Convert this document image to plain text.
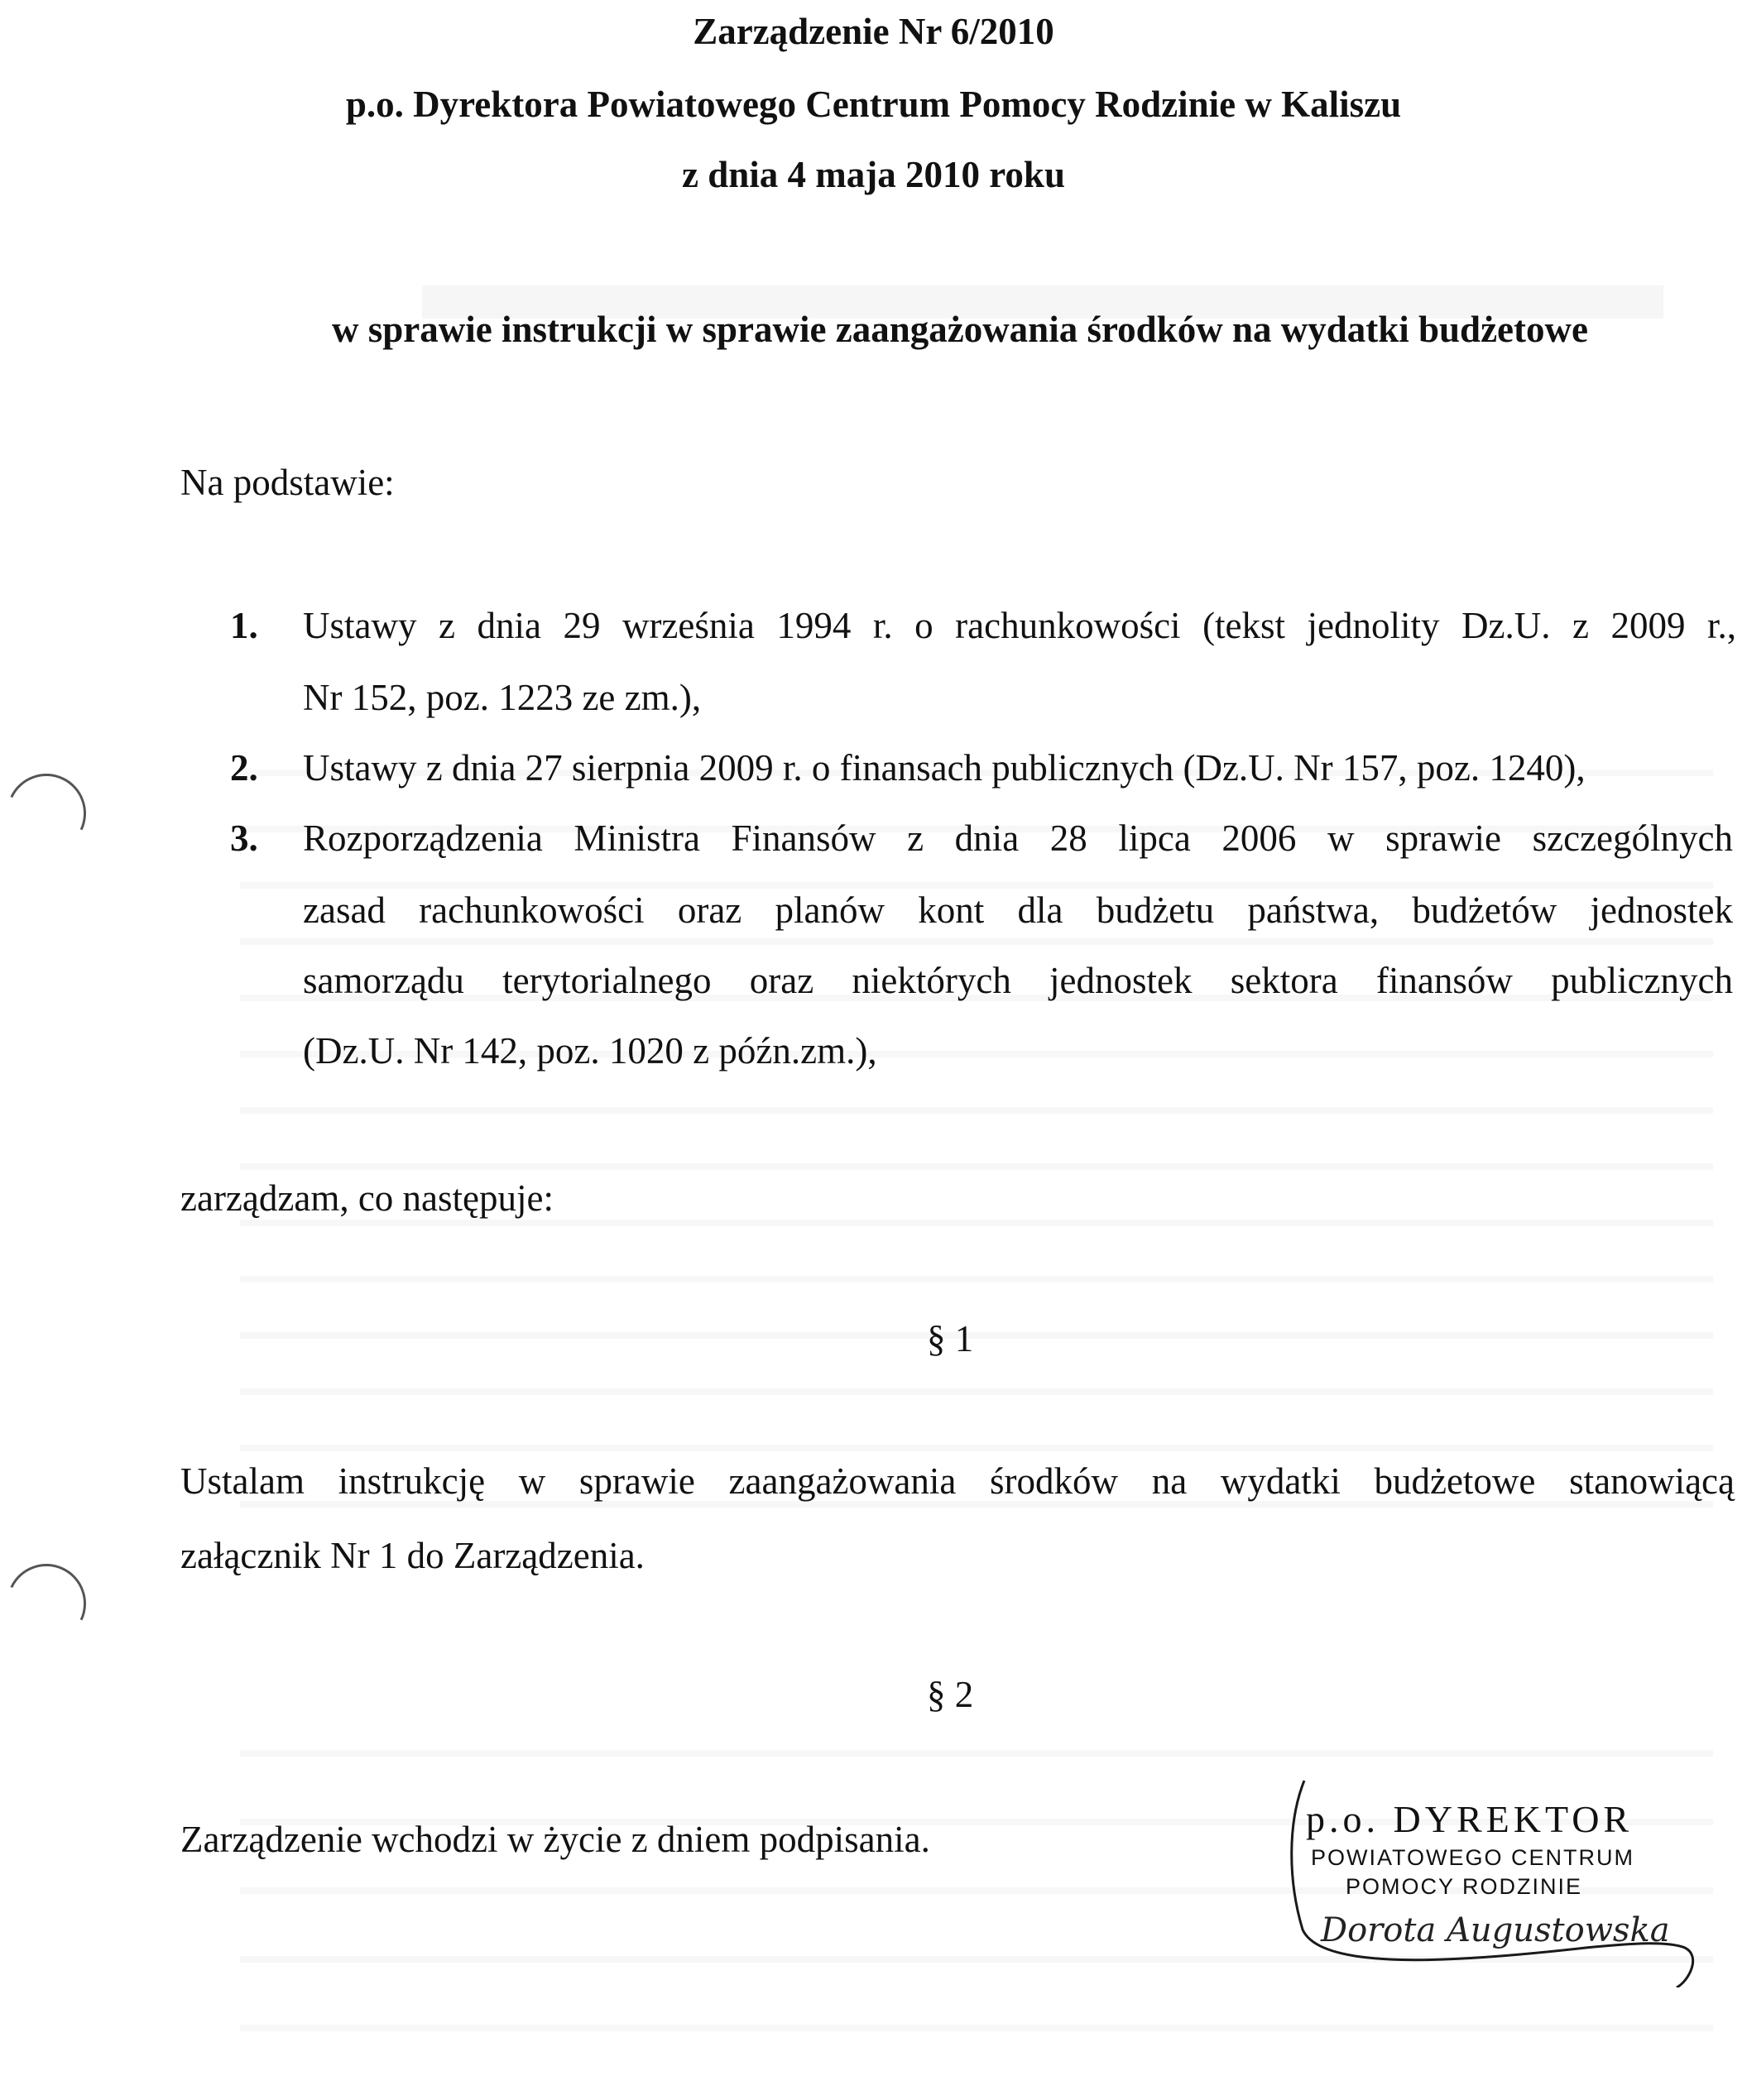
Zarządzenie Nr 6/2010
p.o. Dyrektora Powiatowego Centrum Pomocy Rodzinie w Kaliszu
z dnia 4 maja 2010 roku
w sprawie instrukcji w sprawie zaangażowania środków na wydatki budżetowe
Na podstawie:
1. Ustawy z dnia 29 września 1994 r. o rachunkowości (tekst jednolity Dz.U. z 2009 r.,
Nr 152, poz. 1223 ze zm.),
2. Ustawy z dnia 27 sierpnia 2009 r. o finansach publicznych (Dz.U. Nr 157, poz. 1240),
3. Rozporządzenia Ministra Finansów z dnia 28 lipca 2006 w sprawie szczególnych
zasad rachunkowości oraz planów kont dla budżetu państwa, budżetów jednostek
samorządu terytorialnego oraz niektórych jednostek sektora finansów publicznych
(Dz.U. Nr 142, poz. 1020 z późn.zm.),
zarządzam, co następuje:
§ 1
Ustalam instrukcję w sprawie zaangażowania środków na wydatki budżetowe stanowiącą
załącznik Nr 1 do Zarządzenia.
§ 2
Zarządzenie wchodzi w życie z dniem podpisania.	p.o. DYREKTOR
POWIATOWEGO CENTRUM
POMOCY RODZINIE
Dorota Augustowska
